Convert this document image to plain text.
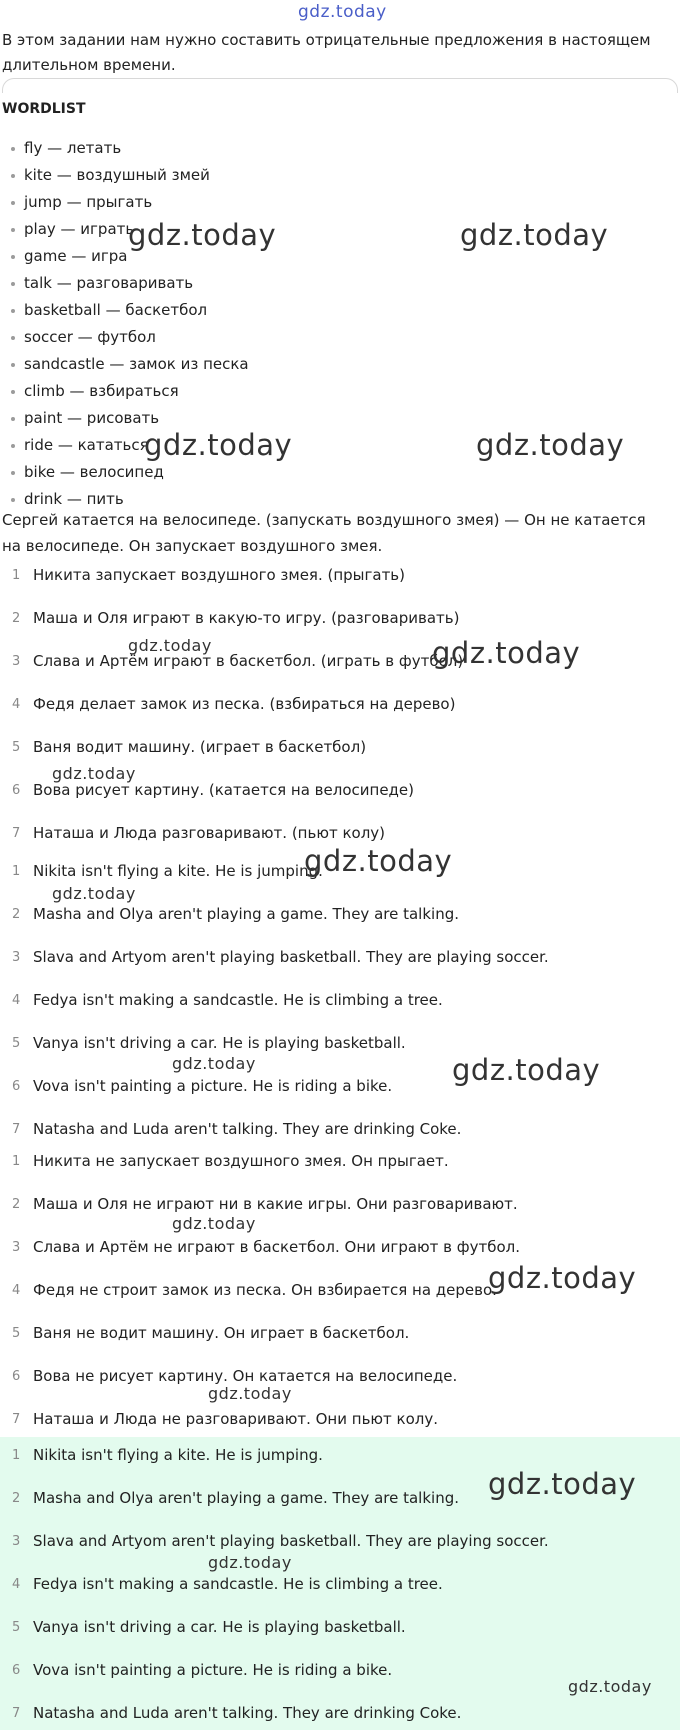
gdz.today

В этом задании нам нужно составить отрицательные предложения в настоящем длительном времени.

WORDLIST
fly — летать
kite — воздушный змей
jump — прыгать
play — играть
game — игра
talk — разговаривать
basketball — баскетбол
soccer — футбол
sandcastle — замок из песка
climb — взбираться
paint — рисовать
ride — кататься
bike — велосипед
drink — пить

Сергей катается на велосипеде. (запускать воздушного змея) — Он не катается на велосипеде. Он запускает воздушного змея.

1 Никита запускает воздушного змея. (прыгать)
2 Маша и Оля играют в какую-то игру. (разговаривать)
3 Слава и Артём играют в баскетбол. (играть в футбол)
4 Федя делает замок из песка. (взбираться на дерево)
5 Ваня водит машину. (играет в баскетбол)
6 Вова рисует картину. (катается на велосипеде)
7 Наташа и Люда разговаривают. (пьют колу)
1 Nikita isn't flying a kite. He is jumping.
2 Masha and Olya aren't playing a game. They are talking.
3 Slava and Artyom aren't playing basketball. They are playing soccer.
4 Fedya isn't making a sandcastle. He is climbing a tree.
5 Vanya isn't driving a car. He is playing basketball.
6 Vova isn't painting a picture. He is riding a bike.
7 Natasha and Luda aren't talking. They are drinking Coke.
1 Никита не запускает воздушного змея. Он прыгает.
2 Маша и Оля не играют ни в какие игры. Они разговаривают.
3 Слава и Артём не играют в баскетбол. Они играют в футбол.
4 Федя не строит замок из песка. Он взбирается на дерево.
5 Ваня не водит машину. Он играет в баскетбол.
6 Вова не рисует картину. Он катается на велосипеде.
7 Наташа и Люда не разговаривают. Они пьют колу.
1 Nikita isn't flying a kite. He is jumping.
2 Masha and Olya aren't playing a game. They are talking.
3 Slava and Artyom aren't playing basketball. They are playing soccer.
4 Fedya isn't making a sandcastle. He is climbing a tree.
5 Vanya isn't driving a car. He is playing basketball.
6 Vova isn't painting a picture. He is riding a bike.
7 Natasha and Luda aren't talking. They are drinking Coke.
gdz.today	gdz.today
gdz.today	gdz.today
gdz.today	gdz.today
gdz.today
gdz.today
gdz.today
gdz.today	gdz.today
gdz.today
gdz.today
gdz.today
gdz.today
gdz.today
gdz.today
